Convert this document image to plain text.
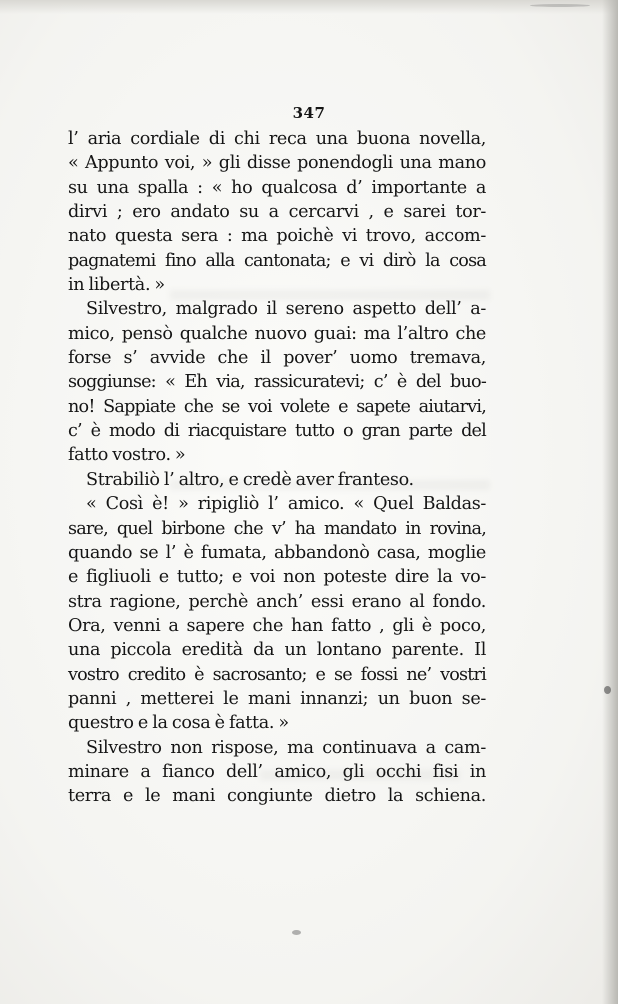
347
l’ aria cordiale di chi reca una buona novella,
« Appunto voi, » gli disse ponendogli una mano
su una spalla : « ho qualcosa d’ importante a
dirvi ; ero andato su a cercarvi , e sarei tor-
nato questa sera : ma poichè vi trovo, accom-
pagnatemi fino alla cantonata; e vi dirò la cosa
in libertà. »
Silvestro, malgrado il sereno aspetto dell’ a-
mico, pensò qualche nuovo guai: ma l’altro che
forse s’ avvide che il pover’ uomo tremava,
soggiunse: « Eh via, rassicuratevi; c’ è del buo-
no! Sappiate che se voi volete e sapete aiutarvi,
c’ è modo di riacquistare tutto o gran parte del
fatto vostro. »
Strabiliò l’ altro, e credè aver franteso.
« Così è! » ripigliò l’ amico. « Quel Baldas-
sare, quel birbone che v’ ha mandato in rovina,
quando se l’ è fumata, abbandonò casa, moglie
e figliuoli e tutto; e voi non poteste dire la vo-
stra ragione, perchè anch’ essi erano al fondo.
Ora, venni a sapere che han fatto , gli è poco,
una piccola eredità da un lontano parente. Il
vostro credito è sacrosanto; e se fossi ne’ vostri
panni , metterei le mani innanzi; un buon se-
questro e la cosa è fatta. »
Silvestro non rispose, ma continuava a cam-
minare a fianco dell’ amico, gli occhi fisi in
terra e le mani congiunte dietro la schiena.
